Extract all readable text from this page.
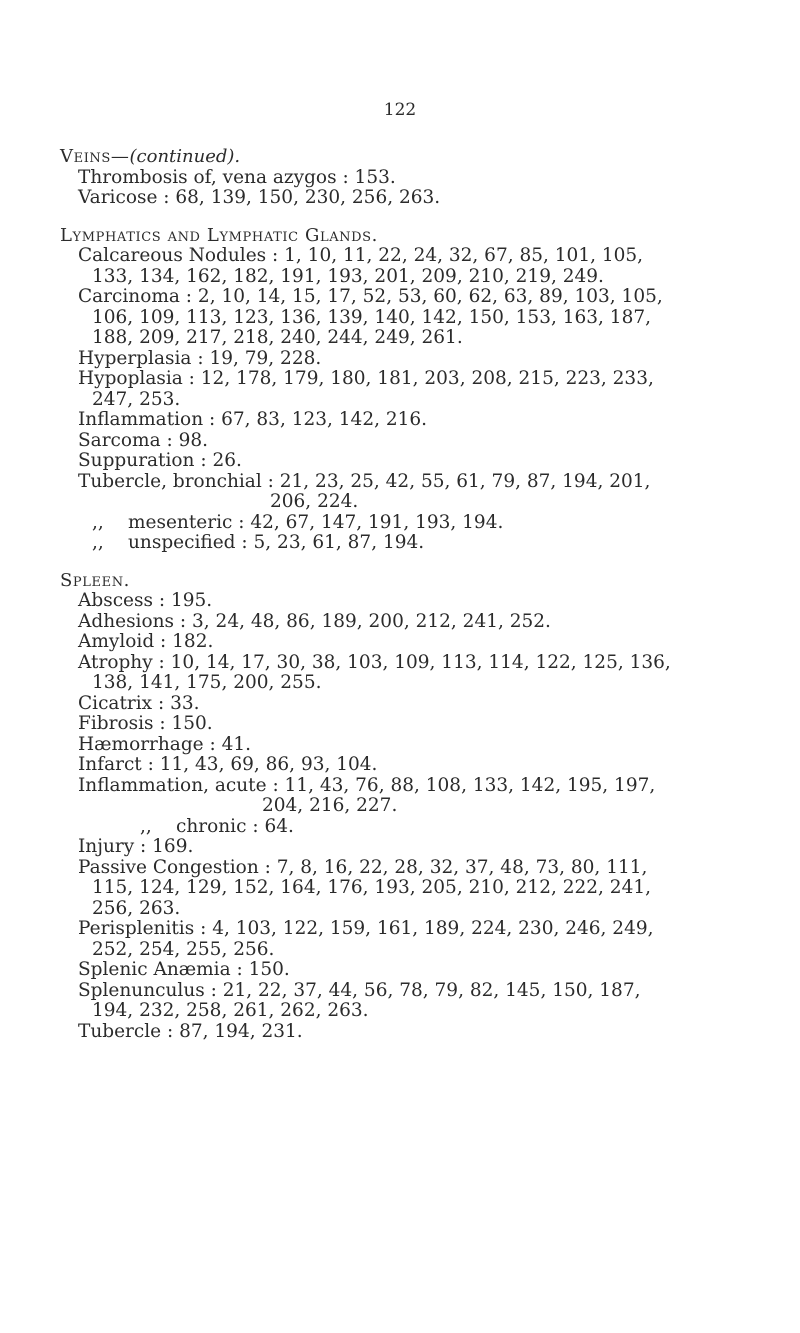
122
Veins—(continued).
Thrombosis of, vena azygos : 153.
Varicose : 68, 139, 150, 230, 256, 263.
Lymphatics and Lymphatic Glands.
Calcareous Nodules : 1, 10, 11, 22, 24, 32, 67, 85, 101, 105,
133, 134, 162, 182, 191, 193, 201, 209, 210, 219, 249.
Carcinoma : 2, 10, 14, 15, 17, 52, 53, 60, 62, 63, 89, 103, 105,
106, 109, 113, 123, 136, 139, 140, 142, 150, 153, 163, 187,
188, 209, 217, 218, 240, 244, 249, 261.
Hyperplasia : 19, 79, 228.
Hypoplasia : 12, 178, 179, 180, 181, 203, 208, 215, 223, 233,
247, 253.
Inflammation : 67, 83, 123, 142, 216.
Sarcoma : 98.
Suppuration : 26.
Tubercle, bronchial : 21, 23, 25, 42, 55, 61, 79, 87, 194, 201,
206, 224.
,, mesenteric : 42, 67, 147, 191, 193, 194.
,, unspecified : 5, 23, 61, 87, 194.
Spleen.
Abscess : 195.
Adhesions : 3, 24, 48, 86, 189, 200, 212, 241, 252.
Amyloid : 182.
Atrophy : 10, 14, 17, 30, 38, 103, 109, 113, 114, 122, 125, 136,
138, 141, 175, 200, 255.
Cicatrix : 33.
Fibrosis : 150.
Hæmorrhage : 41.
Infarct : 11, 43, 69, 86, 93, 104.
Inflammation, acute : 11, 43, 76, 88, 108, 133, 142, 195, 197,
204, 216, 227.
,, chronic : 64.
Injury : 169.
Passive Congestion : 7, 8, 16, 22, 28, 32, 37, 48, 73, 80, 111,
115, 124, 129, 152, 164, 176, 193, 205, 210, 212, 222, 241,
256, 263.
Perisplenitis : 4, 103, 122, 159, 161, 189, 224, 230, 246, 249,
252, 254, 255, 256.
Splenic Anæmia : 150.
Splenunculus : 21, 22, 37, 44, 56, 78, 79, 82, 145, 150, 187,
194, 232, 258, 261, 262, 263.
Tubercle : 87, 194, 231.
